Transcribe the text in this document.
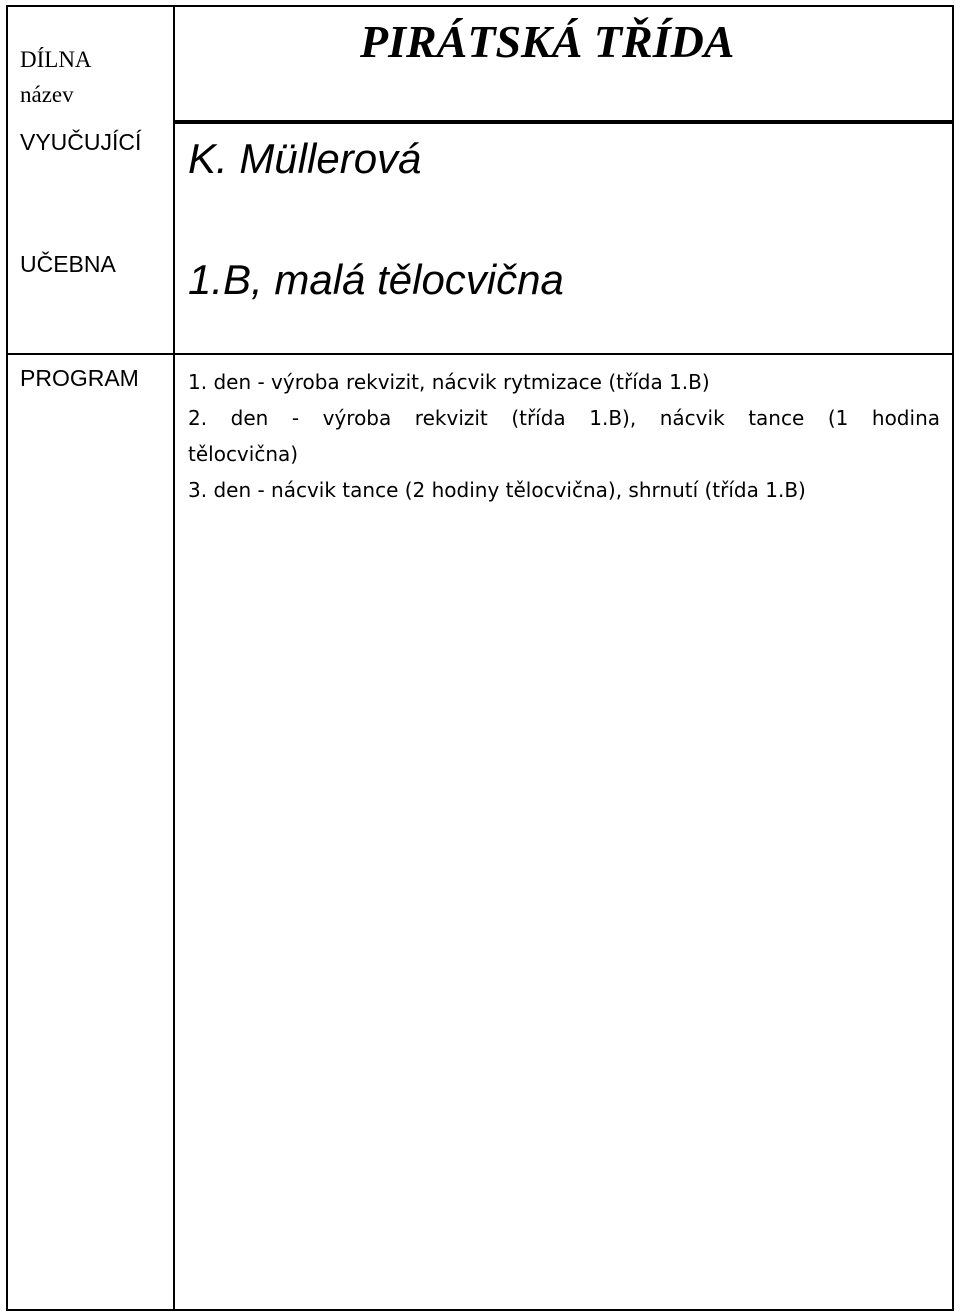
DÍLNA
název
VYUČUJÍCÍ
UČEBNA
PROGRAM
PIRÁTSKÁ TŘÍDA
K. Müllerová
1.B, malá tělocvična
1. den - výroba rekvizit, nácvik rytmizace (třída 1.B)
2. den - výroba rekvizit (třída 1.B), nácvik tance (1 hodina
tělocvična)
3. den - nácvik tance (2 hodiny tělocvična), shrnutí (třída 1.B)
